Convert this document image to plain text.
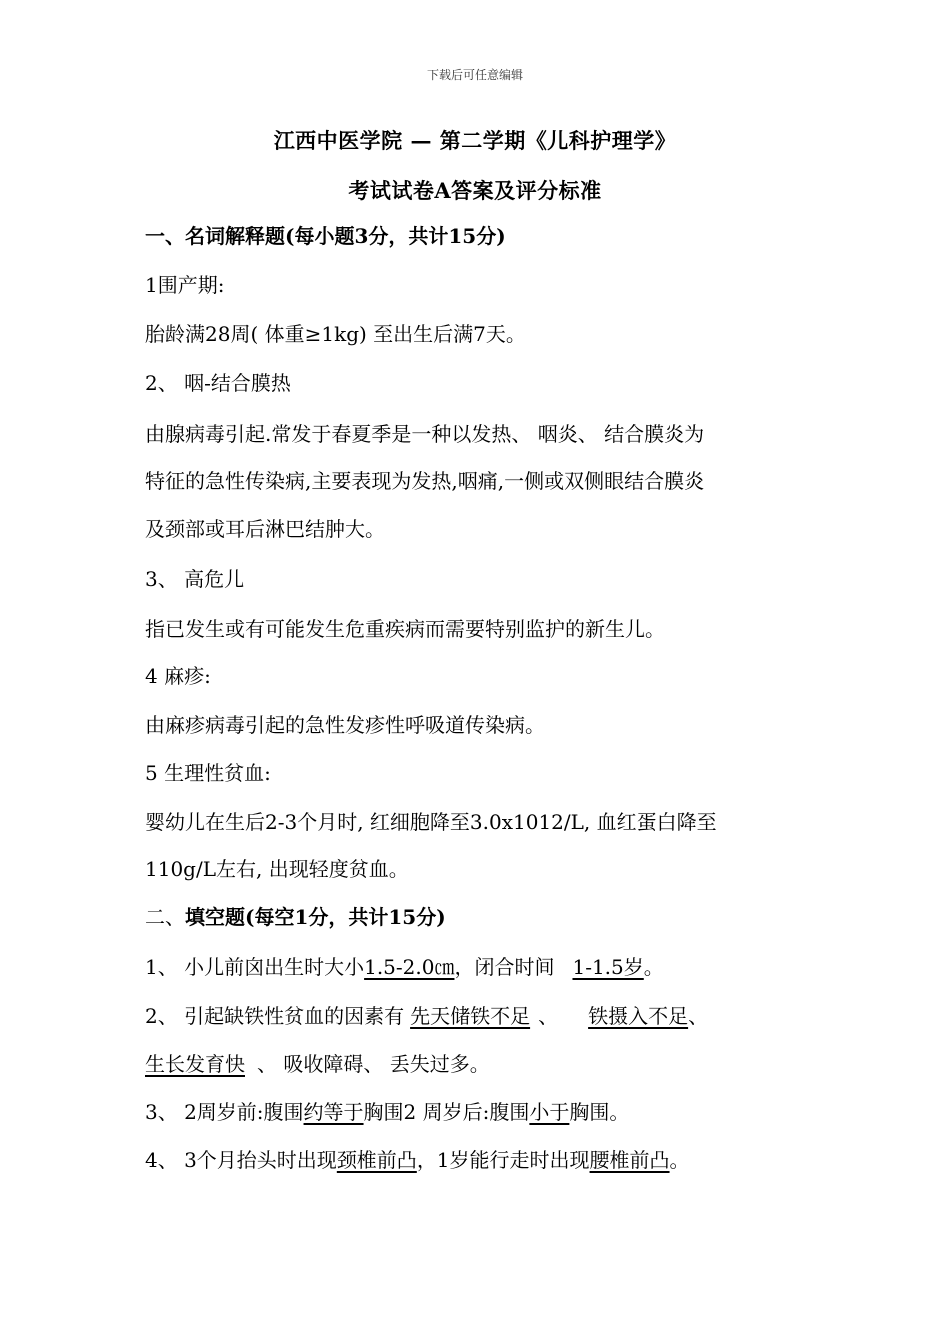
下载后可任意编辑
江西中医学院 — 第二学期《儿科护理学》
考试试卷A答案及评分标准
一、名词解释题(每小题3分，共计15分)
1围产期:
胎龄满28周( 体重≥1kg) 至出生后满7天。
2、 咽-结合膜热
由腺病毒引起.常发于春夏季是一种以发热、 咽炎、 结合膜炎为
特征的急性传染病,主要表现为发热,咽痛,一侧或双侧眼结合膜炎
及颈部或耳后淋巴结肿大。
3、 高危儿
指已发生或有可能发生危重疾病而需要特别监护的新生儿。
4 麻疹:
由麻疹病毒引起的急性发疹性呼吸道传染病。
5 生理性贫血:
婴幼儿在生后2-3个月时, 红细胞降至3.0x1012/L, 血红蛋白降至
110g/L左右, 出现轻度贫血。
二、填空题(每空1分，共计15分)
1、 小儿前囟出生时大小1.5-2.0㎝，闭合时间 1-1.5岁。
2、 引起缺铁性贫血的因素有 先天储铁不足 、 铁摄入不足、
生长发育快 、 吸收障碍、 丢失过多。
3、 2周岁前:腹围约等于胸围2 周岁后:腹围小于胸围。
4、 3个月抬头时出现颈椎前凸，1岁能行走时出现腰椎前凸。
